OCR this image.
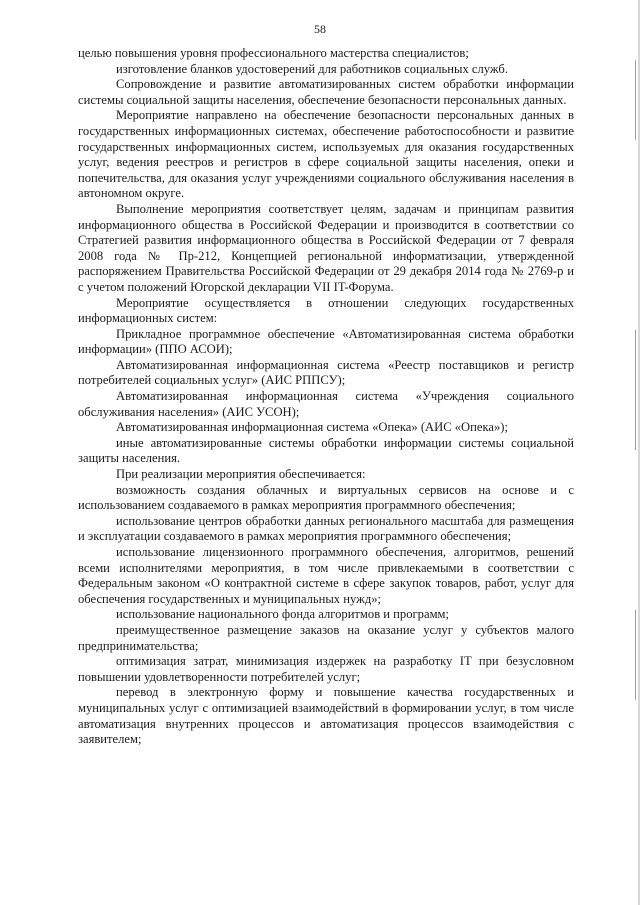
58

целью повышения уровня профессионального мастерства специалистов;

изготовление бланков удостоверений для работников социальных служб.

Сопровождение и развитие автоматизированных систем обработки информации системы социальной защиты населения, обеспечение безопасности персональных данных.

Мероприятие направлено на обеспечение безопасности персональных данных в государственных информационных системах, обеспечение работоспособности и развитие государственных информационных систем, используемых для оказания государственных услуг, ведения реестров и регистров в сфере социальной защиты населения, опеки и попечительства, для оказания услуг учреждениями социального обслуживания населения в автономном округе.

Выполнение мероприятия соответствует целям, задачам и принципам развития информационного общества в Российской Федерации и производится в соответствии со Стратегией развития информационного общества в Российской Федерации от 7 февраля 2008 года № Пр-212, Концепцией региональной информатизации, утвержденной распоряжением Правительства Российской Федерации от 29 декабря 2014 года № 2769-р и с учетом положений Югорской декларации VII IT-Форума.

Мероприятие осуществляется в отношении следующих государственных информационных систем:

Прикладное программное обеспечение «Автоматизированная система обработки информации» (ППО АСОИ);

Автоматизированная информационная система «Реестр поставщиков и регистр потребителей социальных услуг» (АИС РППСУ);

Автоматизированная информационная система «Учреждения социального обслуживания населения» (АИС УСОН);

Автоматизированная информационная система «Опека» (АИС «Опека»);

иные автоматизированные системы обработки информации системы социальной защиты населения.

При реализации мероприятия обеспечивается:

возможность создания облачных и виртуальных сервисов на основе и с использованием создаваемого в рамках мероприятия программного обеспечения;

использование центров обработки данных регионального масштаба для размещения и эксплуатации создаваемого в рамках мероприятия программного обеспечения;

использование лицензионного программного обеспечения, алгоритмов, решений всеми исполнителями мероприятия, в том числе привлекаемыми в соответствии с Федеральным законом «О контрактной системе в сфере закупок товаров, работ, услуг для обеспечения государственных и муниципальных нужд»;

использование национального фонда алгоритмов и программ;

преимущественное размещение заказов на оказание услуг у субъектов малого предпринимательства;

оптимизация затрат, минимизация издержек на разработку IT при безусловном повышении удовлетворенности потребителей услуг;

перевод в электронную форму и повышение качества государственных и муниципальных услуг с оптимизацией взаимодействий в формировании услуг, в том числе автоматизация внутренних процессов и автоматизация процессов взаимодействия с заявителем;
